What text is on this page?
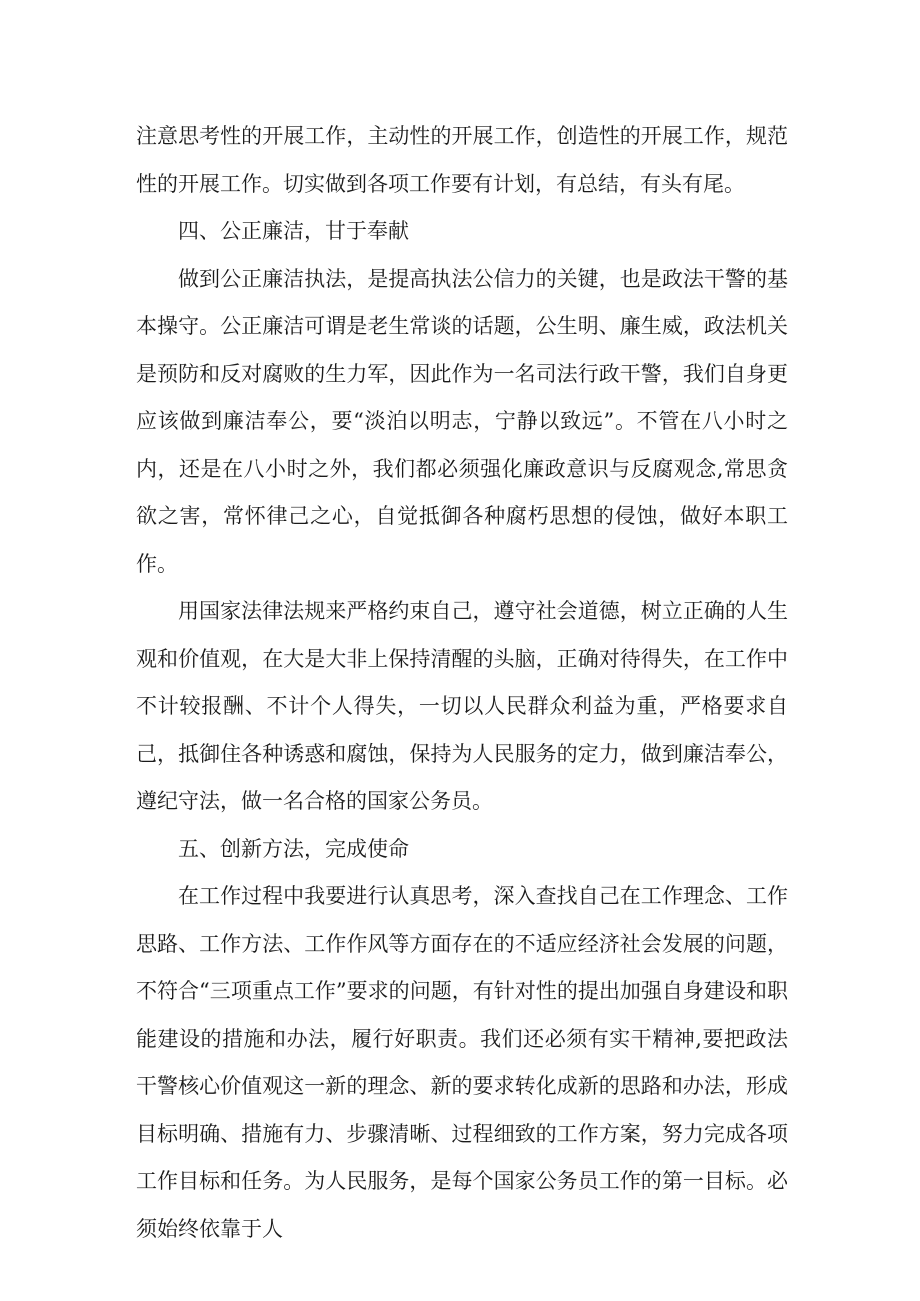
注意思考性的开展工作，主动性的开展工作，创造性的开展工作，规范性的开展工作。切实做到各项工作要有计划，有总结，有头有尾。

四、公正廉洁，甘于奉献

做到公正廉洁执法，是提高执法公信力的关键，也是政法干警的基本操守。公正廉洁可谓是老生常谈的话题，公生明、廉生威，政法机关是预防和反对腐败的生力军，因此作为一名司法行政干警，我们自身更应该做到廉洁奉公，要“淡泊以明志，宁静以致远”。不管在八小时之内，还是在八小时之外，我们都必须强化廉政意识与反腐观念,常思贪欲之害，常怀律己之心，自觉抵御各种腐朽思想的侵蚀，做好本职工作。

用国家法律法规来严格约束自己，遵守社会道德，树立正确的人生观和价值观，在大是大非上保持清醒的头脑，正确对待得失，在工作中不计较报酬、不计个人得失，一切以人民群众利益为重，严格要求自己，抵御住各种诱惑和腐蚀，保持为人民服务的定力，做到廉洁奉公，遵纪守法，做一名合格的国家公务员。

五、创新方法，完成使命

在工作过程中我要进行认真思考，深入查找自己在工作理念、工作思路、工作方法、工作作风等方面存在的不适应经济社会发展的问题，不符合“三项重点工作”要求的问题，有针对性的提出加强自身建设和职能建设的措施和办法，履行好职责。我们还必须有实干精神,要把政法干警核心价值观这一新的理念、新的要求转化成新的思路和办法，形成目标明确、措施有力、步骤清晰、过程细致的工作方案，努力完成各项工作目标和任务。为人民服务，是每个国家公务员工作的第一目标。必须始终依靠于人
